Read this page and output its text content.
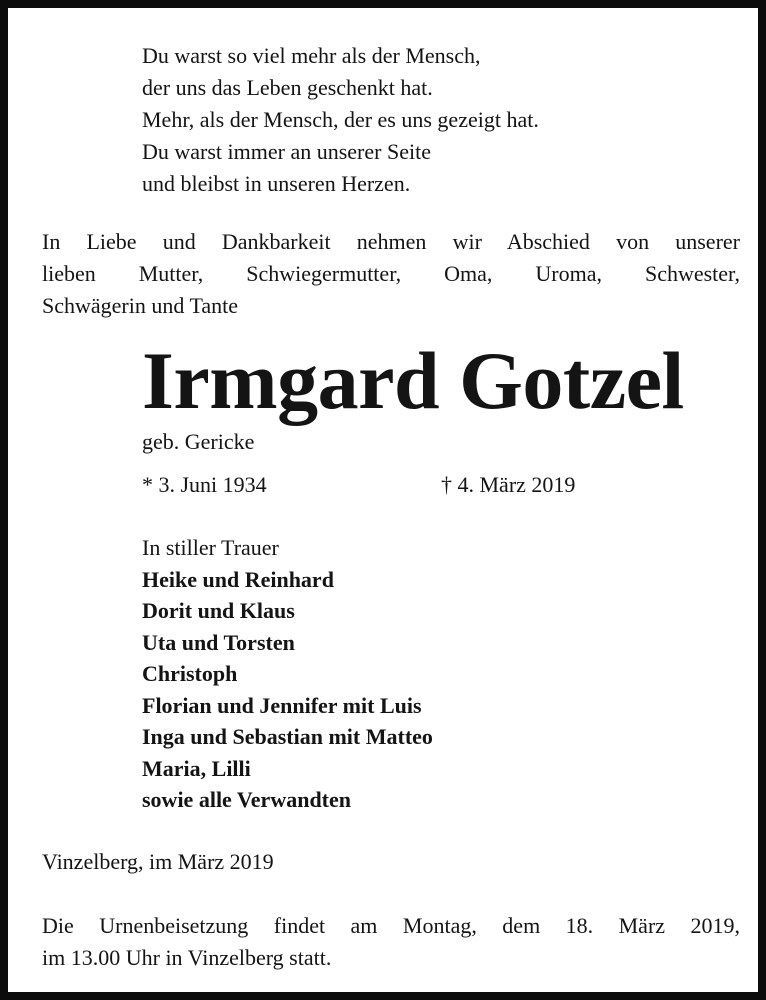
Du warst so viel mehr als der Mensch,
der uns das Leben geschenkt hat.
Mehr, als der Mensch, der es uns gezeigt hat.
Du warst immer an unserer Seite
und bleibst in unseren Herzen.
In Liebe und Dankbarkeit nehmen wir Abschied von unserer
lieben Mutter, Schwiegermutter, Oma, Uroma, Schwester,
Schwägerin und Tante
Irmgard Gotzel
geb. Gericke
* 3. Juni 1934	† 4. März 2019
In stiller Trauer
Heike und Reinhard
Dorit und Klaus
Uta und Torsten
Christoph
Florian und Jennifer mit Luis
Inga und Sebastian mit Matteo
Maria, Lilli
sowie alle Verwandten
Vinzelberg, im März 2019
Die Urnenbeisetzung findet am Montag, dem 18. März 2019,
im 13.00 Uhr in Vinzelberg statt.
